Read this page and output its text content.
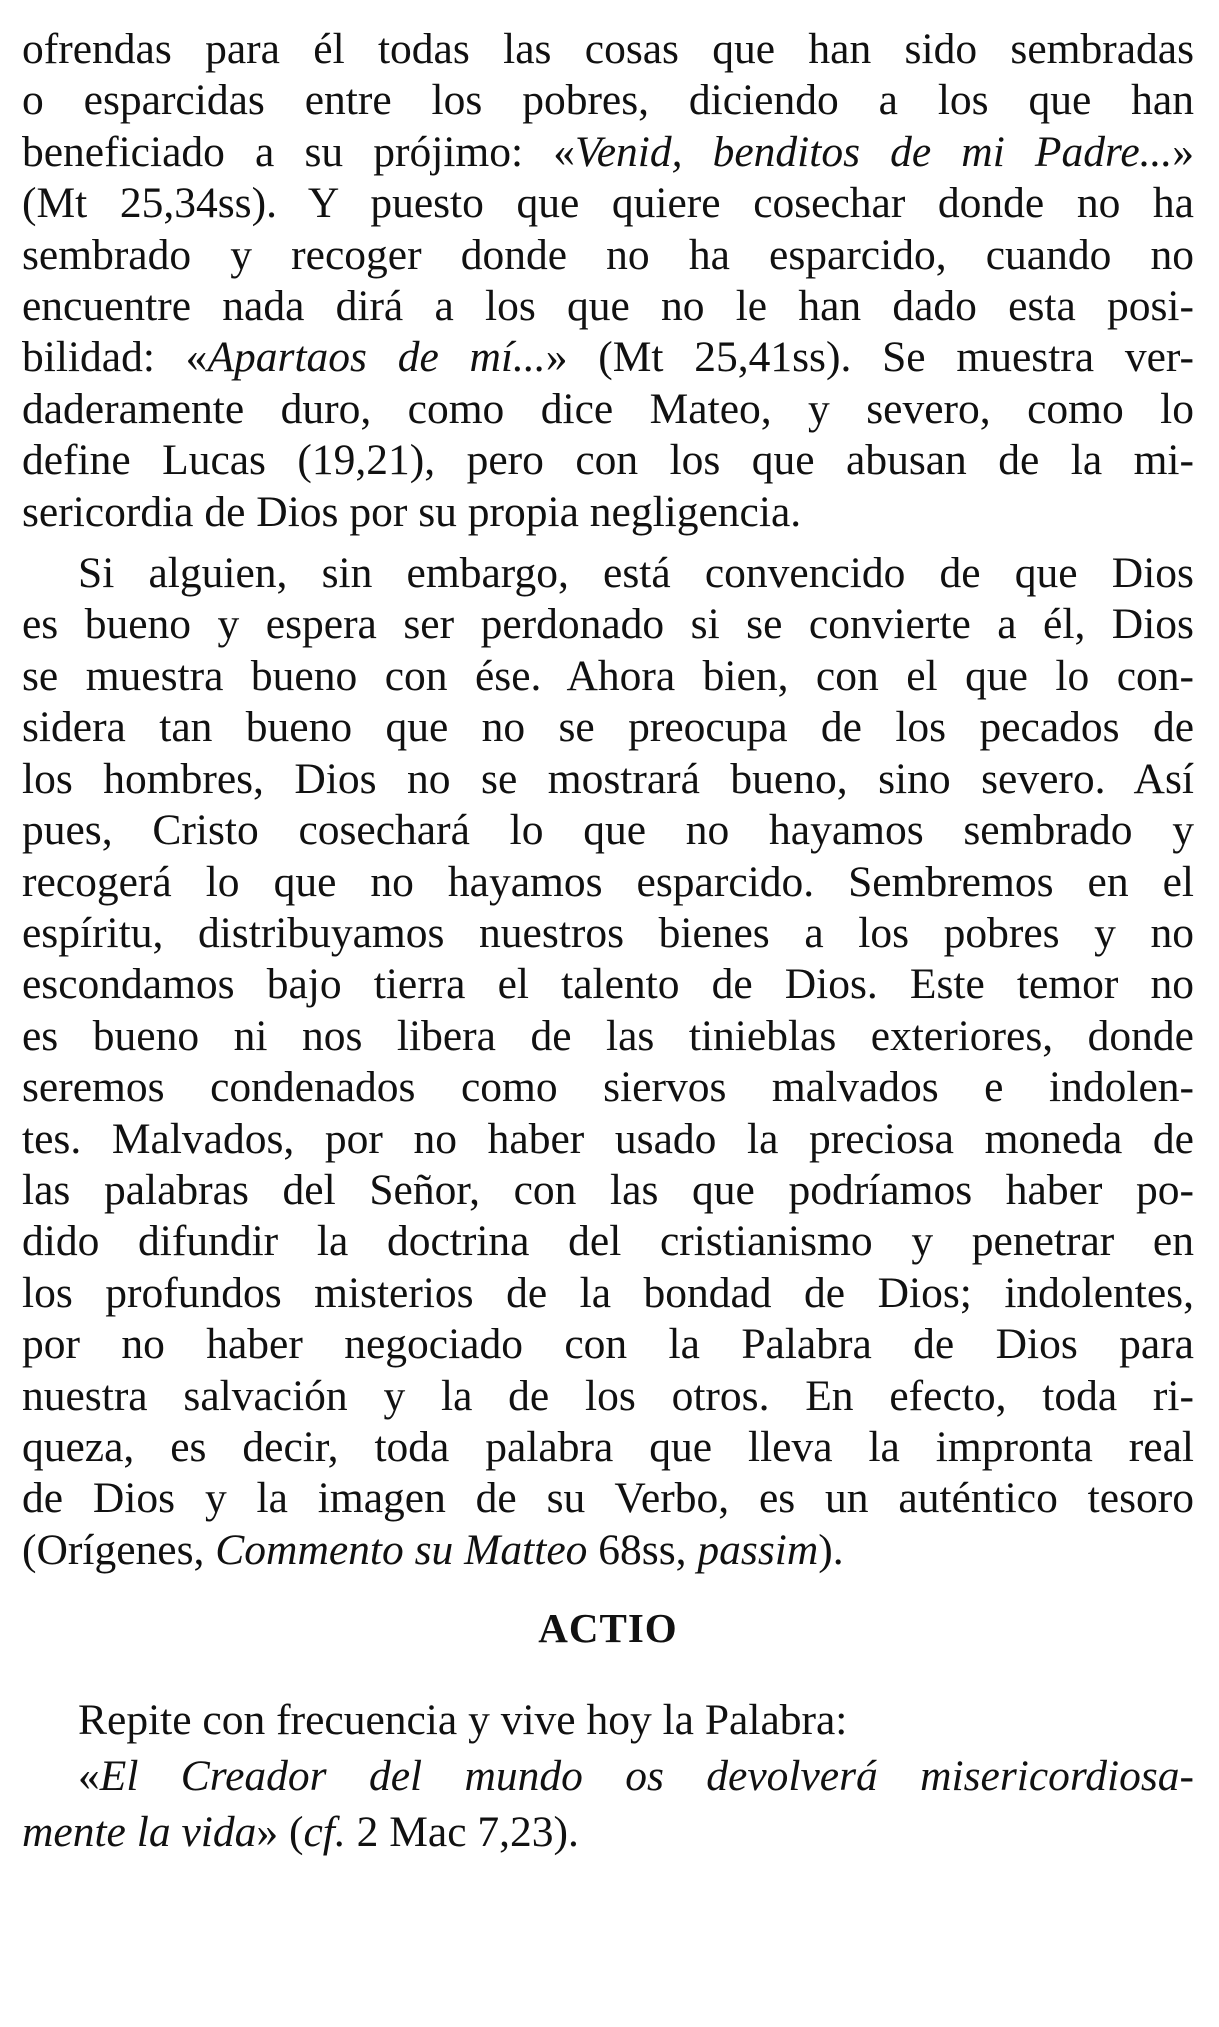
ofrendas para él todas las cosas que han sido sembradas
o esparcidas entre los pobres, diciendo a los que han
beneficiado a su prójimo: «Venid, benditos de mi Padre...»
(Mt 25,34ss). Y puesto que quiere cosechar donde no ha
sembrado y recoger donde no ha esparcido, cuando no
encuentre nada dirá a los que no le han dado esta posi-
bilidad: «Apartaos de mí...» (Mt 25,41ss). Se muestra ver-
daderamente duro, como dice Mateo, y severo, como lo
define Lucas (19,21), pero con los que abusan de la mi-
sericordia de Dios por su propia negligencia.
Si alguien, sin embargo, está convencido de que Dios
es bueno y espera ser perdonado si se convierte a él, Dios
se muestra bueno con ése. Ahora bien, con el que lo con-
sidera tan bueno que no se preocupa de los pecados de
los hombres, Dios no se mostrará bueno, sino severo. Así
pues, Cristo cosechará lo que no hayamos sembrado y
recogerá lo que no hayamos esparcido. Sembremos en el
espíritu, distribuyamos nuestros bienes a los pobres y no
escondamos bajo tierra el talento de Dios. Este temor no
es bueno ni nos libera de las tinieblas exteriores, donde
seremos condenados como siervos malvados e indolen-
tes. Malvados, por no haber usado la preciosa moneda de
las palabras del Señor, con las que podríamos haber po-
dido difundir la doctrina del cristianismo y penetrar en
los profundos misterios de la bondad de Dios; indolentes,
por no haber negociado con la Palabra de Dios para
nuestra salvación y la de los otros. En efecto, toda ri-
queza, es decir, toda palabra que lleva la impronta real
de Dios y la imagen de su Verbo, es un auténtico tesoro
(Orígenes, Commento su Matteo 68ss, passim).

ACTIO

Repite con frecuencia y vive hoy la Palabra:

«El Creador del mundo os devolverá misericordiosa-
mente la vida» (cf. 2 Mac 7,23).
